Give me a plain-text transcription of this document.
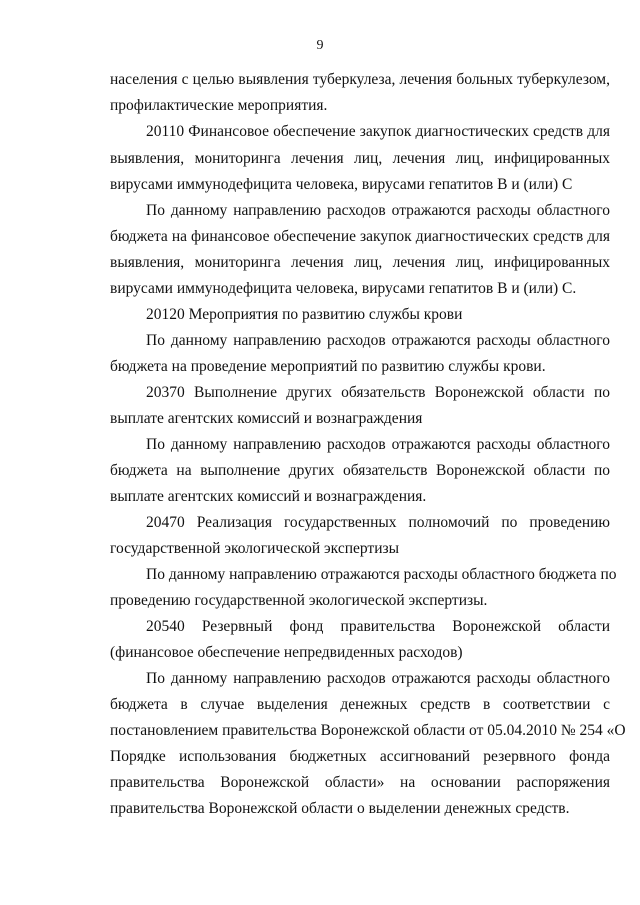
9
населения с целью выявления туберкулеза, лечения больных туберкулезом,
профилактические мероприятия.
20110 Финансовое обеспечение закупок диагностических средств для
выявления, мониторинга лечения лиц, лечения лиц, инфицированных
вирусами иммунодефицита человека, вирусами гепатитов В и (или) С
По данному направлению расходов отражаются расходы областного
бюджета на финансовое обеспечение закупок диагностических средств для
выявления, мониторинга лечения лиц, лечения лиц, инфицированных
вирусами иммунодефицита человека, вирусами гепатитов В и (или) С.
20120 Мероприятия по развитию службы крови
По данному направлению расходов отражаются расходы областного
бюджета на проведение мероприятий по развитию службы крови.
20370 Выполнение других обязательств Воронежской области по
выплате агентских комиссий и вознаграждения
По данному направлению расходов отражаются расходы областного
бюджета на выполнение других обязательств Воронежской области по
выплате агентских комиссий и вознаграждения.
20470 Реализация государственных полномочий по проведению
государственной экологической экспертизы
По данному направлению отражаются расходы областного бюджета по
проведению государственной экологической экспертизы.
20540 Резервный фонд правительства Воронежской области
(финансовое обеспечение непредвиденных расходов)
По данному направлению расходов отражаются расходы областного
бюджета в случае выделения денежных средств в соответствии с
постановлением правительства Воронежской области от 05.04.2010 № 254 «О
Порядке использования бюджетных ассигнований резервного фонда
правительства Воронежской области» на основании распоряжения
правительства Воронежской области о выделении денежных средств.
